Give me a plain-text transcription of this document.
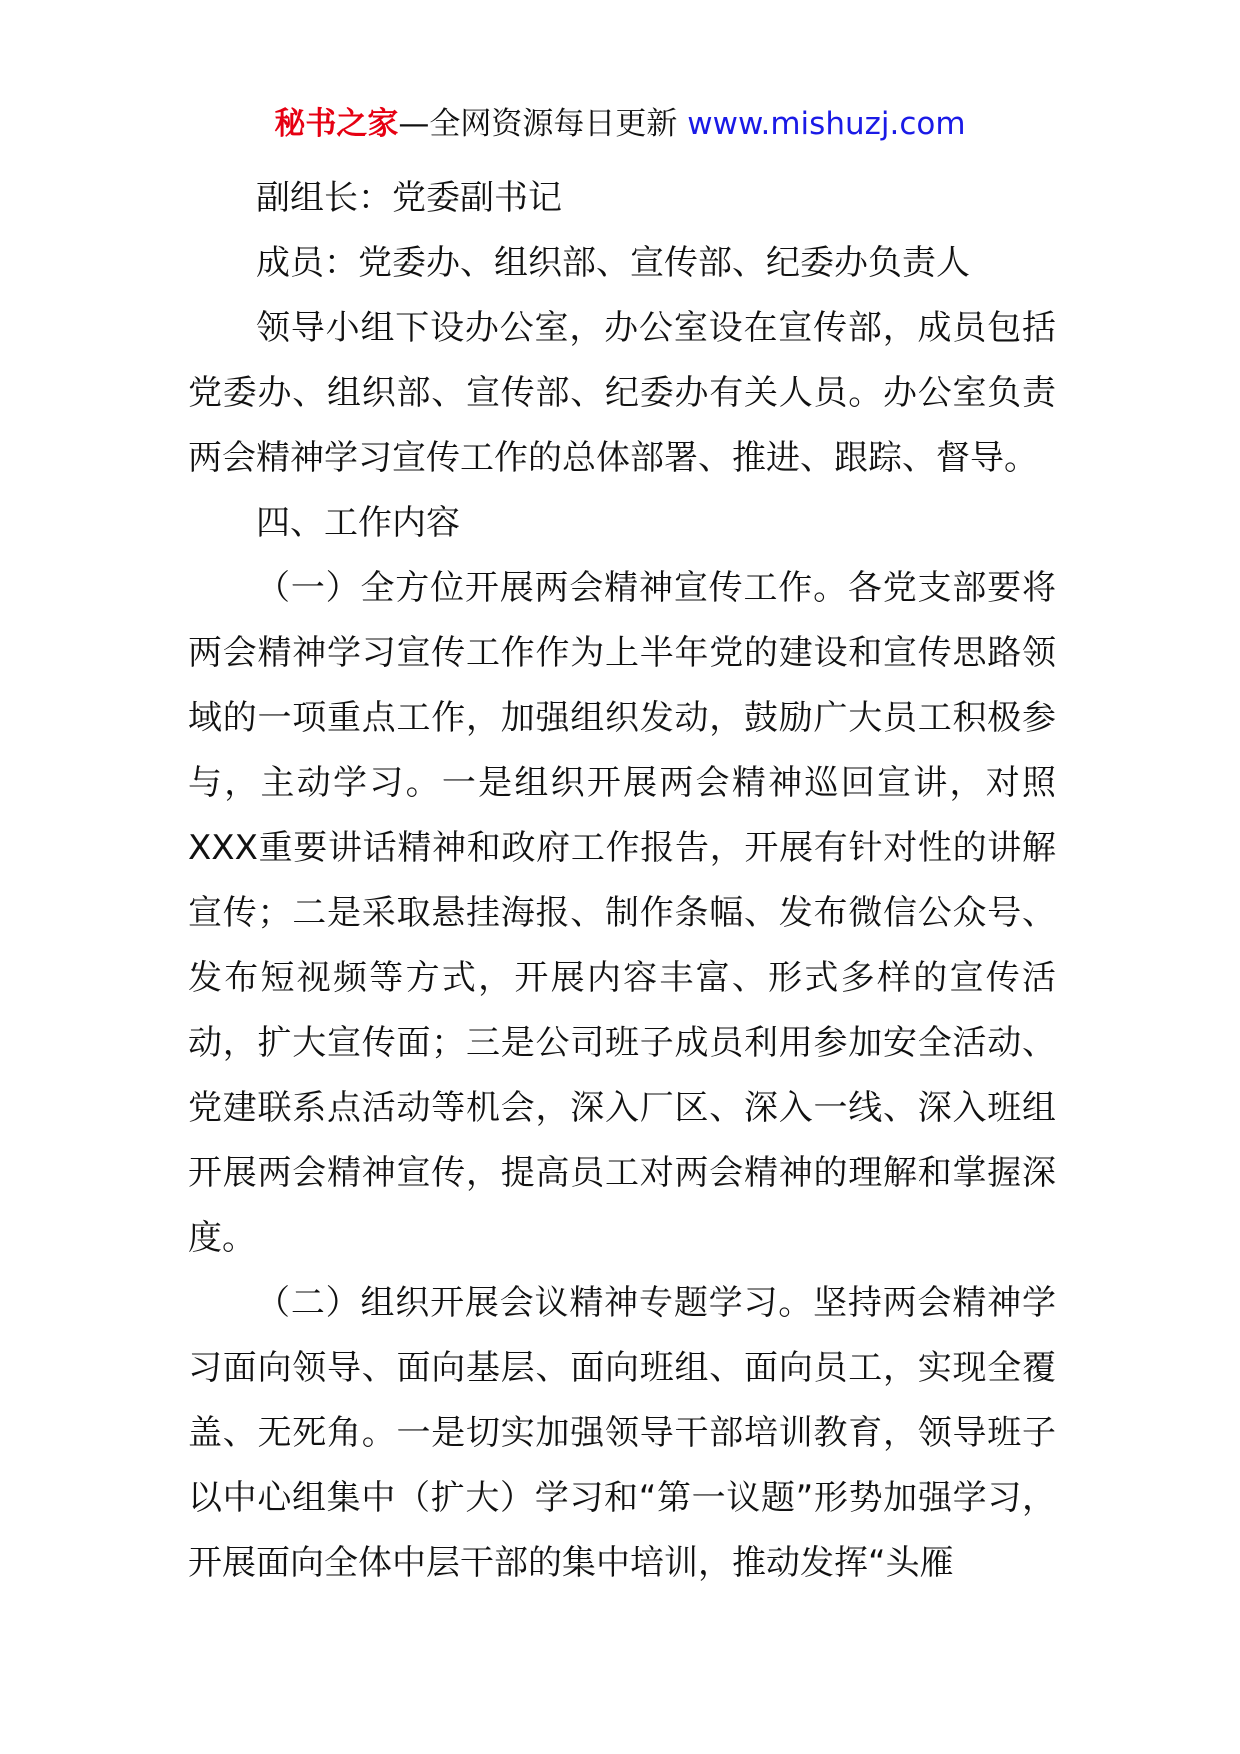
秘书之家—全网资源每日更新 www.mishuzj.com

副组长：党委副书记

成员：党委办、组织部、宣传部、纪委办负责人

领导小组下设办公室，办公室设在宣传部，成员包括党委办、组织部、宣传部、纪委办有关人员。办公室负责两会精神学习宣传工作的总体部署、推进、跟踪、督导。

四、工作内容

（一）全方位开展两会精神宣传工作。各党支部要将两会精神学习宣传工作作为上半年党的建设和宣传思路领域的一项重点工作，加强组织发动，鼓励广大员工积极参与，主动学习。一是组织开展两会精神巡回宣讲，对照XXX重要讲话精神和政府工作报告，开展有针对性的讲解宣传；二是采取悬挂海报、制作条幅、发布微信公众号、发布短视频等方式，开展内容丰富、形式多样的宣传活动，扩大宣传面；三是公司班子成员利用参加安全活动、党建联系点活动等机会，深入厂区、深入一线、深入班组开展两会精神宣传，提高员工对两会精神的理解和掌握深度。

（二）组织开展会议精神专题学习。坚持两会精神学习面向领导、面向基层、面向班组、面向员工，实现全覆盖、无死角。一是切实加强领导干部培训教育，领导班子以中心组集中（扩大）学习和“第一议题”形势加强学习，开展面向全体中层干部的集中培训，推动发挥“头雁
